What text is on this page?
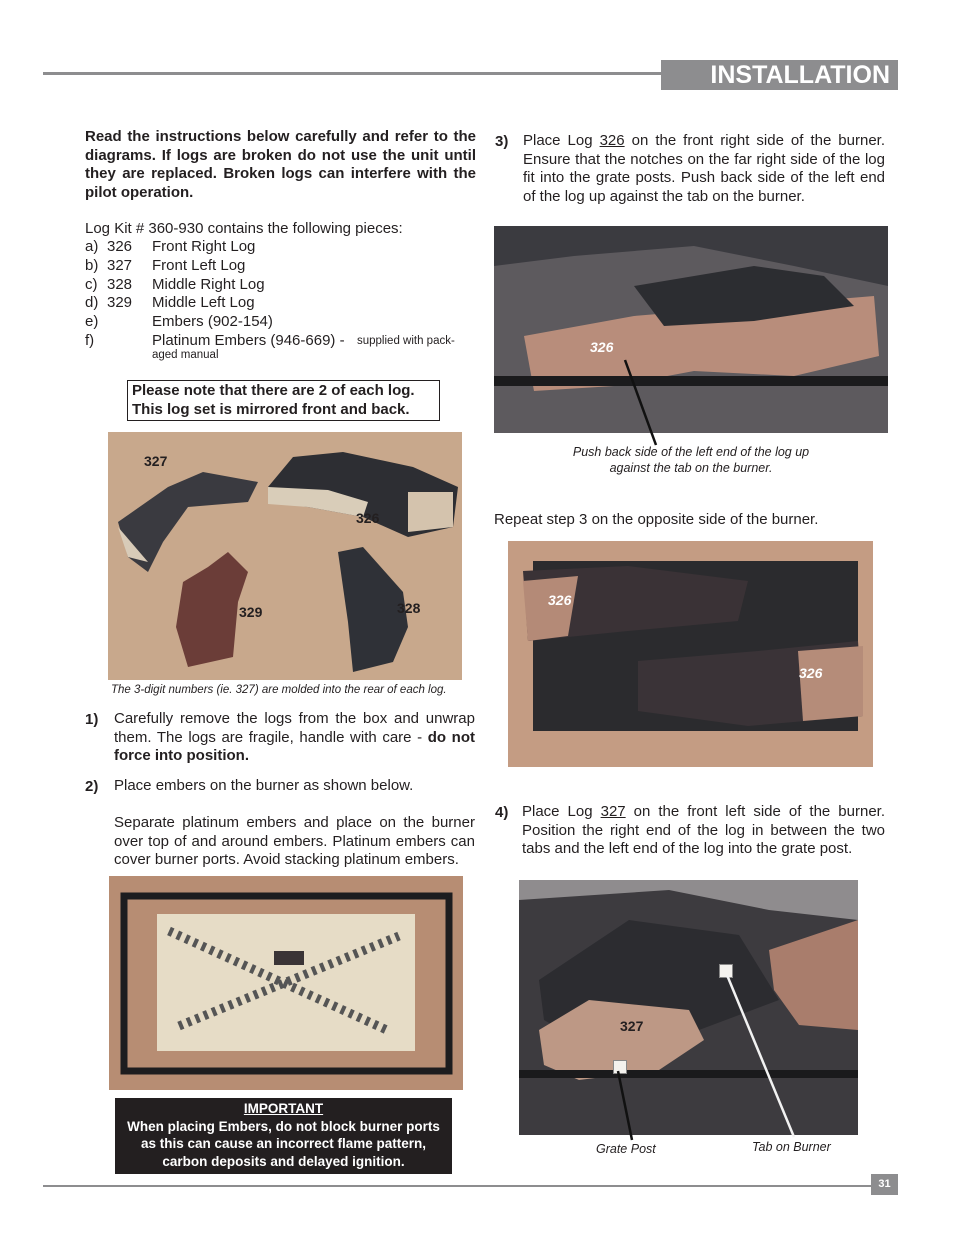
INSTALLATION
Read the instructions below carefully and refer to the diagrams. If logs are broken do not use the unit until they are replaced. Broken logs can interfere with the pilot operation.
Log Kit # 360-930 contains the following pieces:
a) 326 Front Right Log
b) 327 Front Left Log
c) 328 Middle Right Log
d) 329 Middle Left Log
e)	Embers (902-154)
f)	Platinum Embers (946-669) - supplied with pack-
aged manual
Please note that there are 2 of each log.
This log set is mirrored front and back.
327
326
329	328
The 3-digit numbers (ie. 327) are molded into the rear of each log.
1) Carefully remove the logs from the box and unwrap them. The logs are fragile, handle with care - do not force into position.
2) Place embers on the burner as shown below.
Separate platinum embers and place on the burner over top of and around embers. Platinum embers can cover burner ports. Avoid stacking platinum embers.
IMPORTANT
When placing Embers, do not block burner ports
as this can cause an incorrect flame pattern,
carbon deposits and delayed ignition.
3) Place Log 326 on the front right side of the burner. Ensure that the notches on the far right side of the log fit into the grate posts. Push back side of the left end of the log up against the tab on the burner.
326
Push back side of the left end of the log up
against the tab on the burner.
Repeat step 3 on the opposite side of the burner.
326
326
4) Place Log 327 on the front left side of the burner. Position the right end of the log in between the two tabs and the left end of the log into the grate post.
327
Grate Post	Tab on Burner
31
